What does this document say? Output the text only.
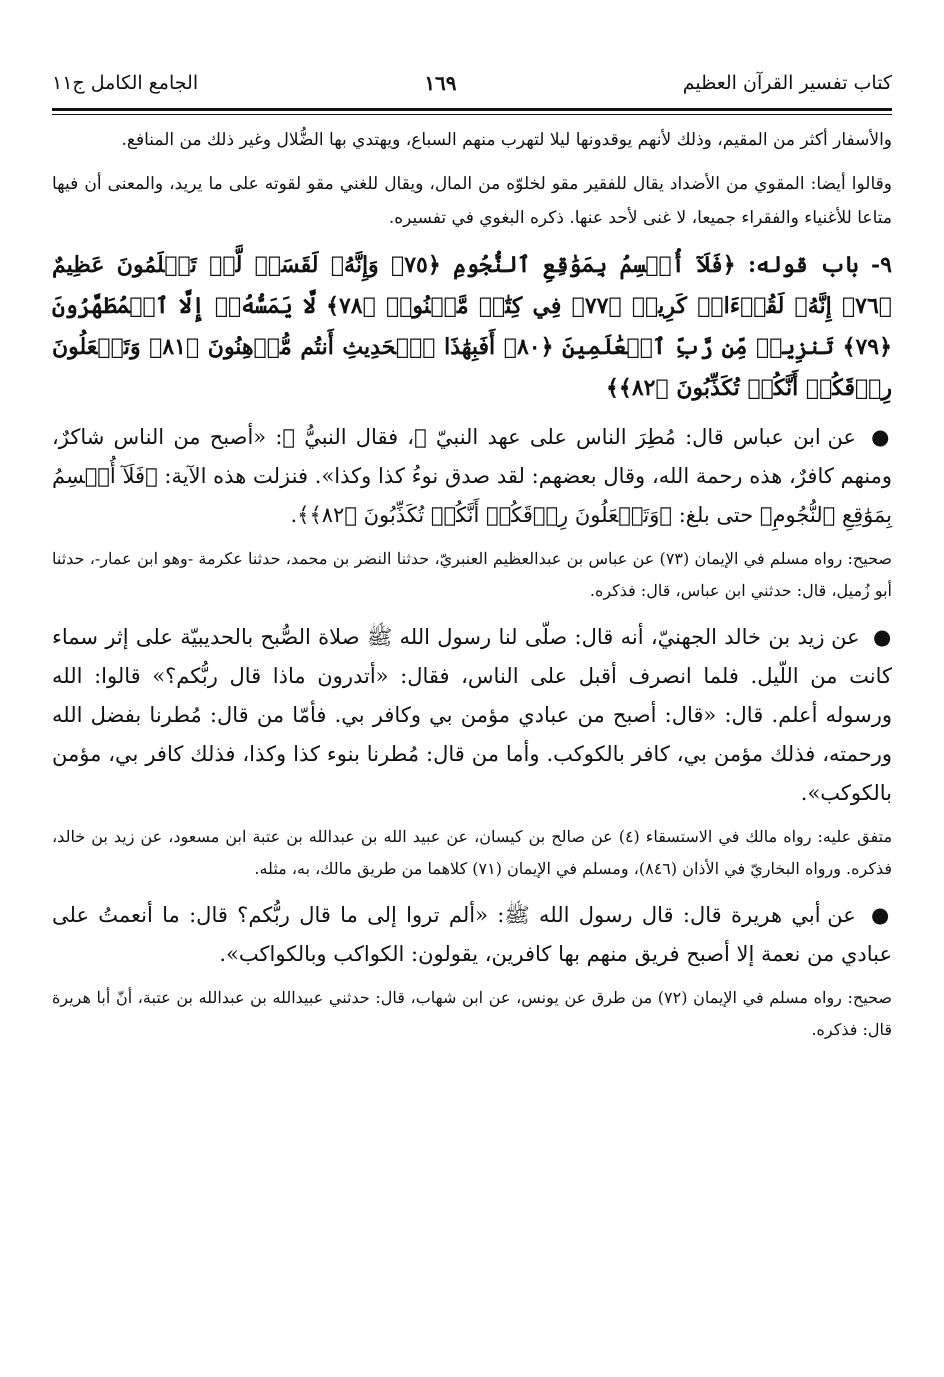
كتاب تفسير القرآن العظيم
١٦٩
الجامع الكامل ج١١

والأسفار أكثر من المقيم، وذلك لأنهم يوقدونها ليلا لتهرب منهم السباع، ويهتدي بها الضُّلال وغير ذلك من المنافع.

وقالوا أيضا: المقوي من الأضداد يقال للفقير مقو لخلوّه من المال، ويقال للغني مقو لقوته على ما يريد، والمعنى أن فيها متاعا للأغنياء والفقراء جميعا، لا غنى لأحد عنها. ذكره البغوي في تفسيره.

٩- باب قوله: ﴿فَلَآ أُقۡسِمُ بِمَوَٰقِعِ ٱلنُّجُومِ ﴿٧٥﴾ وَإِنَّهُۥ لَقَسَمٞ لَّوۡ تَعۡلَمُونَ عَظِيمٌ ﴿٧٦﴾ إِنَّهُۥ لَقُرۡءَانٞ كَرِيمٞ ﴿٧٧﴾ فِي كِتَٰبٖ مَّكۡنُونٖ ﴿٧٨﴾ لَّا يَمَسُّهُۥٓ إِلَّا ٱلۡمُطَهَّرُونَ ﴿٧٩﴾ تَنزِيلٞ مِّن رَّبِّ ٱلۡعَٰلَمِينَ ﴿٨٠﴾ أَفَبِهَٰذَا ٱلۡحَدِيثِ أَنتُم مُّدۡهِنُونَ ﴿٨١﴾ وَتَجۡعَلُونَ رِزۡقَكُمۡ أَنَّكُمۡ تُكَذِّبُونَ ﴿٨٢﴾﴾

● عن ابن عباس قال: مُطِرَ الناس على عهد النبيّ ﷺ، فقال النبيُّ ﷺ: «أصبح من الناس شاكرٌ، ومنهم كافرٌ، هذه رحمة الله، وقال بعضهم: لقد صدق نوءُ كذا وكذا». فنزلت هذه الآية: ﴿فَلَآ أُقۡسِمُ بِمَوَٰقِعِ ٱلنُّجُومِ﴾ حتى بلغ: ﴿وَتَجۡعَلُونَ رِزۡقَكُمۡ أَنَّكُمۡ تُكَذِّبُونَ ﴿٨٢﴾﴾.

صحيح: رواه مسلم في الإيمان (٧٣) عن عباس بن عبدالعظيم العنبريّ، حدثنا النضر بن محمد، حدثنا عكرمة -وهو ابن عمار-، حدثنا أبو زُميل، قال: حدثني ابن عباس، قال: فذكره.

● عن زيد بن خالد الجهنيّ، أنه قال: صلّى لنا رسول الله ﷺ صلاة الصُّبح بالحديبيّة على إثر سماء كانت من اللّيل. فلما انصرف أقبل على الناس، فقال: «أتدرون ماذا قال ربُّكم؟» قالوا: الله ورسوله أعلم. قال: «قال: أصبح من عبادي مؤمن بي وكافر بي. فأمّا من قال: مُطرنا بفضل الله ورحمته، فذلك مؤمن بي، كافر بالكوكب. وأما من قال: مُطرنا بنوء كذا وكذا، فذلك كافر بي، مؤمن بالكوكب».

متفق عليه: رواه مالك في الاستسقاء (٤) عن صالح بن كيسان، عن عبيد الله بن عبدالله بن عتبة ابن مسعود، عن زيد بن خالد، فذكره. ورواه البخاريّ في الأذان (٨٤٦)، ومسلم في الإيمان (٧١) كلاهما من طريق مالك، به، مثله.

● عن أبي هريرة قال: قال رسول الله ﷺ: «ألم تروا إلى ما قال ربُّكم؟ قال: ما أنعمتُ على عبادي من نعمة إلا أصبح فريق منهم بها كافرين، يقولون: الكواكب وبالكواكب».

صحيح: رواه مسلم في الإيمان (٧٢) من طرق عن يونس، عن ابن شهاب، قال: حدثني عبيدالله بن عبدالله بن عتبة، أنّ أبا هريرة قال: فذكره.
